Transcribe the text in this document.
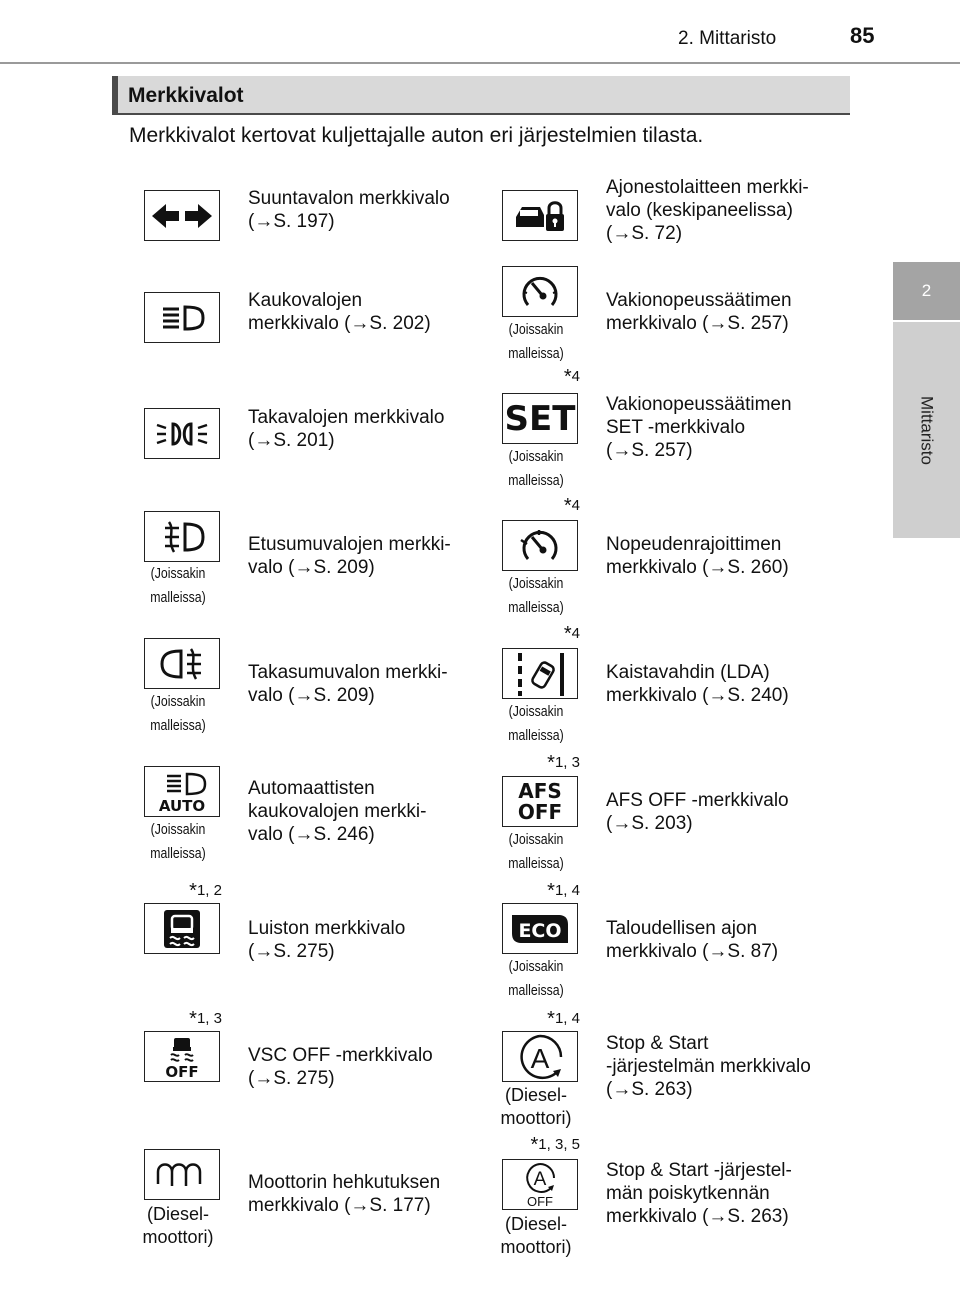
2. Mittaristo	85
2
Mittaristo
Merkkivalot
Merkkivalot kertovat kuljettajalle auton eri järjestelmien tilasta.
Suuntavalon merkkivalo
(→S. 197)
Kaukovalojen
merkkivalo (→S. 202)
Takavalojen merkkivalo
(→S. 201)
(Joissakin
malleissa)
Etusumuvalojen merkki-
valo (→S. 209)
(Joissakin
malleissa)
Takasumuvalon merkki-
valo (→S. 209)
AUTO
(Joissakin
malleissa)
Automaattisten
kaukovalojen merkki-
valo (→S. 246)
*1, 2
Luiston merkkivalo
(→S. 275)
*1, 3
OFF
VSC OFF -merkkivalo
(→S. 275)
(Diesel-
moottori)
Moottorin hehkutuksen
merkkivalo (→S. 177)
Ajonestolaitteen merkki-
valo (keskipaneelissa)
(→S. 72)
(Joissakin
malleissa)
Vakionopeussäätimen
merkkivalo (→S. 257)
*4
SET
(Joissakin
malleissa)
Vakionopeussäätimen
SET -merkkivalo
(→S. 257)
*4
(Joissakin
malleissa)
Nopeudenrajoittimen
merkkivalo (→S. 260)
*4
(Joissakin
malleissa)
Kaistavahdin (LDA)
merkkivalo (→S. 240)
*1, 3
AFS
OFF
(Joissakin
malleissa)
AFS OFF -merkkivalo
(→S. 203)
*1, 4
ECO
(Joissakin
malleissa)
Taloudellisen ajon
merkkivalo (→S. 87)
*1, 4
A
(Diesel-
moottori)
Stop & Start
-järjestelmän merkkivalo
(→S. 263)
*1, 3, 5
A
OFF
(Diesel-
moottori)
Stop & Start -järjestel-
män poiskytkennän
merkkivalo (→S. 263)
